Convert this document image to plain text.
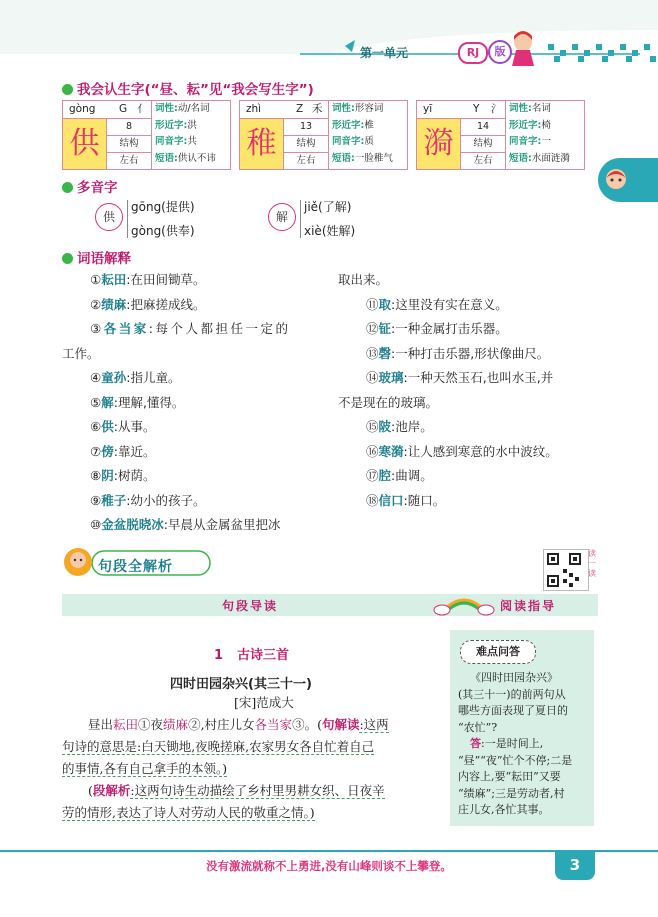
第一单元	RJ	版
我会认生字(“昼、耘”见“我会写生字”)
gòng G 亻
供	8
结构
左右
词性:动/名词
形近字:洪
同音字:共
短语:供认不讳
zhì	Z 禾
稚	13
结构
左右
词性:形容词
形近字:椎
同音字:质
短语:一脸稚气
yī	Y 氵
漪	14
结构
左右
词性:名词
形近字:椅
同音字:一
短语:水面涟漪
多音字
供
gōng(提供)
gòng(供奉)
解
jiě(了解)
xiè(姓解)
词语解释
①耘田:在田间锄草。
②绩麻:把麻搓成线。
③各当家:每个人都担任一定的
工作。
④童孙:指儿童。
⑤解:理解,懂得。
⑥供:从事。
⑦傍:靠近。
⑧阴:树荫。
⑨稚子:幼小的孩子。
⑩金盆脱晓冰:早晨从金属盆里把冰
取出来。
⑪取:这里没有实在意义。
⑫钲:一种金属打击乐器。
⑬磬:一种打击乐器,形状像曲尺。
⑭玻璃:一种天然玉石,也叫水玉,并
不是现在的玻璃。
⑮陂:池岸。
⑯寒漪:让人感到寒意的水中波纹。
⑰腔:曲调。
⑱信口:随口。
句段全解析
读一读
句段导读	阅读指导
1 古诗三首
四时田园杂兴(其三十一)
[宋]范成大
昼出耘田①夜绩麻②,村庄儿女各当家③。(句解读:这两
句诗的意思是:白天锄地,夜晚搓麻,农家男女各自忙着自己
的事情,各有自己拿手的本领。)
(段解析:这两句诗生动描绘了乡村里男耕女织、日夜辛
劳的情形,表达了诗人对劳动人民的敬重之情。)
难点问答
《四时田园杂兴》
(其三十一)的前两句从
哪些方面表现了夏日的
“农忙”?
答:一是时间上,
“昼”“夜”忙个不停;二是
内容上,要“耘田”又要
“绩麻”;三是劳动者,村
庄儿女,各忙其事。
没有激流就称不上勇进,没有山峰则谈不上攀登。	3
